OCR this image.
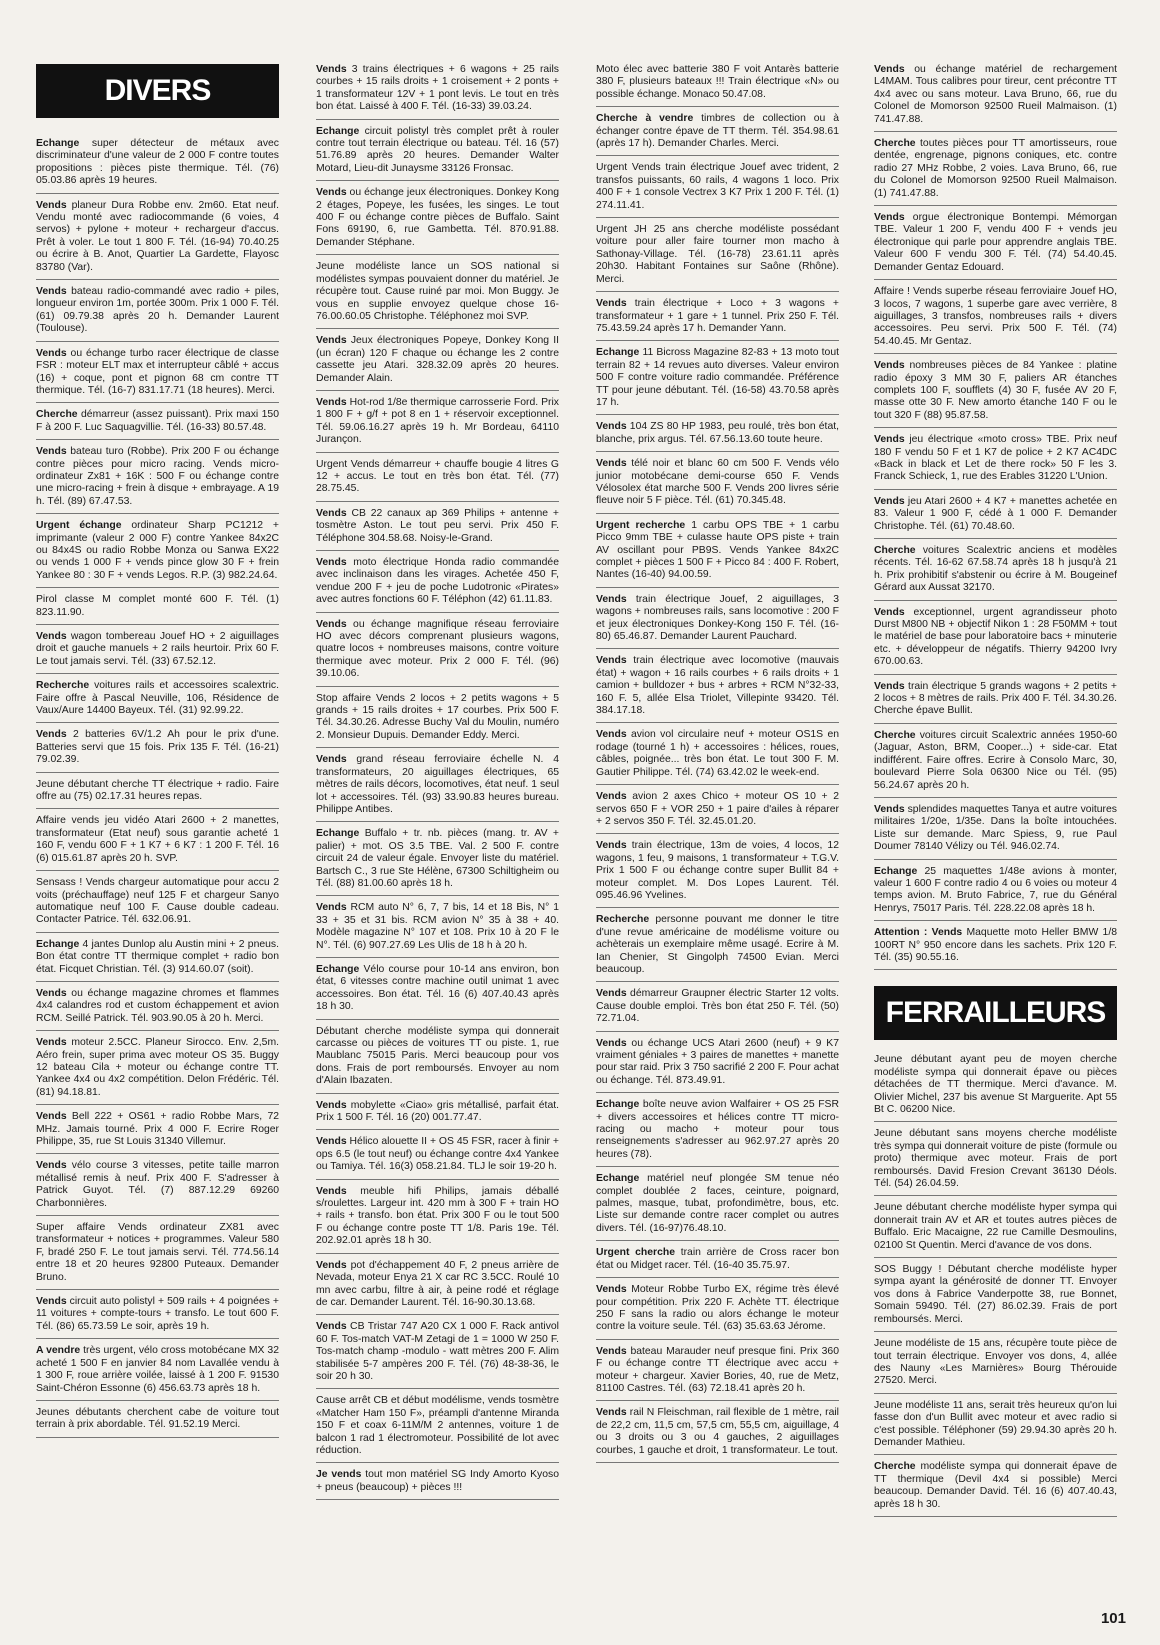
DIVERS
Echange super détecteur de métaux avec discriminateur d'une valeur de 2 000 F contre toutes propositions : pièces piste thermique. Tél. (76) 05.03.86 après 19 heures.
Vends planeur Dura Robbe env. 2m60. Etat neuf. Vendu monté avec radiocommande (6 voies, 4 servos) + pylone + moteur + rechargeur d'accus. Prêt à voler. Le tout 1 800 F. Tél. (16-94) 70.40.25 ou écrire à B. Anot, Quartier La Gardette, Flayosc 83780 (Var).
Vends bateau radio-commandé avec radio + piles, longueur environ 1m, portée 300m. Prix 1 000 F. Tél. (61) 09.79.38 après 20 h. Demander Laurent (Toulouse).
Vends ou échange turbo racer électrique de classe FSR : moteur ELT max et interrupteur câblé + accus (16) + coque, pont et pignon 68 cm contre TT thermique. Tél. (16-7) 831.17.71 (18 heures). Merci.
Cherche démarreur (assez puissant). Prix maxi 150 F à 200 F. Luc Saquagvillie. Tél. (16-33) 80.57.48.
Vends bateau turo (Robbe). Prix 200 F ou échange contre pièces pour micro racing. Vends micro-ordinateur Zx81 + 16K : 500 F ou échange contre une micro-racing + frein à disque + embrayage. A 19 h. Tél. (89) 67.47.53.
Urgent échange ordinateur Sharp PC1212 + imprimante (valeur 2 000 F) contre Yankee 84x2C ou 84x4S ou radio Robbe Monza ou Sanwa EX22 ou vends 1 000 F + vends pince glow 30 F + frein Yankee 80 : 30 F + vends Legos. R.P. (3) 982.24.64.
Pirol classe M complet monté 600 F. Tél. (1) 823.11.90.
Vends wagon tombereau Jouef HO + 2 aiguillages droit et gauche manuels + 2 rails heurtoir. Prix 60 F. Le tout jamais servi. Tél. (33) 67.52.12.
Recherche voitures rails et accessoires scalextric. Faire offre à Pascal Neuville, 106, Résidence de Vaux/Aure 14400 Bayeux. Tél. (31) 92.99.22.
Vends 2 batteries 6V/1.2 Ah pour le prix d'une. Batteries servi que 15 fois. Prix 135 F. Tél. (16-21) 79.02.39.
Jeune débutant cherche TT électrique + radio. Faire offre au (75) 02.17.31 heures repas.
Affaire vends jeu vidéo Atari 2600 + 2 manettes, transformateur (Etat neuf) sous garantie acheté 1 160 F, vendu 600 F + 1 K7 + 6 K7 : 1 200 F. Tél. 16 (6) 015.61.87 après 20 h. SVP.
Sensass ! Vends chargeur automatique pour accu 2 voits (préchauffage) neuf 125 F et chargeur Sanyo automatique neuf 100 F. Cause double cadeau. Contacter Patrice. Tél. 632.06.91.
Echange 4 jantes Dunlop alu Austin mini + 2 pneus. Bon état contre TT thermique complet + radio bon état. Ficquet Christian. Tél. (3) 914.60.07 (soit).
Vends ou échange magazine chromes et flammes 4x4 calandres rod et custom échappement et avion RCM. Seillé Patrick. Tél. 903.90.05 à 20 h. Merci.
Vends moteur 2.5CC. Planeur Sirocco. Env. 2,5m. Aéro frein, super prima avec moteur OS 35. Buggy 12 bateau Cila + moteur ou échange contre TT. Yankee 4x4 ou 4x2 compétition. Delon Frédéric. Tél. (81) 94.18.81.
Vends Bell 222 + OS61 + radio Robbe Mars, 72 MHz. Jamais tourné. Prix 4 000 F. Ecrire Roger Philippe, 35, rue St Louis 31340 Villemur.
Vends vélo course 3 vitesses, petite taille marron métallisé remis à neuf. Prix 400 F. S'adresser à Patrick Guyot. Tél. (7) 887.12.29 69260 Charbonnières.
Super affaire Vends ordinateur ZX81 avec transformateur + notices + programmes. Valeur 580 F, bradé 250 F. Le tout jamais servi. Tél. 774.56.14 entre 18 et 20 heures 92800 Puteaux. Demander Bruno.
Vends circuit auto polistyl + 509 rails + 4 poignées + 11 voitures + compte-tours + transfo. Le tout 600 F. Tél. (86) 65.73.59 Le soir, après 19 h.
A vendre très urgent, vélo cross motobécane MX 32 acheté 1 500 F en janvier 84 nom Lavallée vendu à 1 300 F, roue arrière voilée, laissé à 1 200 F. 91530 Saint-Chéron Essonne (6) 456.63.73 après 18 h.
Jeunes débutants cherchent cabe de voiture tout terrain à prix abordable. Tél. 91.52.19 Merci.
Vends 3 trains électriques + 6 wagons + 25 rails courbes + 15 rails droits + 1 croisement + 2 ponts + 1 transformateur 12V + 1 pont levis. Le tout en très bon état. Laissé à 400 F. Tél. (16-33) 39.03.24.
Echange circuit polistyl très complet prêt à rouler contre tout terrain électrique ou bateau. Tél. 16 (57) 51.76.89 après 20 heures. Demander Walter Motard, Lieu-dit Junaysme 33126 Fronsac.
Vends ou échange jeux électroniques. Donkey Kong 2 étages, Popeye, les fusées, les singes. Le tout 400 F ou échange contre pièces de Buffalo. Saint Fons 69190, 6, rue Gambetta. Tél. 870.91.88. Demander Stéphane.
Jeune modéliste lance un SOS national si modélistes sympas pouvaient donner du matériel. Je récupère tout. Cause ruiné par moi. Mon Buggy. Je vous en supplie envoyez quelque chose 16-76.00.60.05 Christophe. Téléphonez moi SVP.
Vends Jeux électroniques Popeye, Donkey Kong II (un écran) 120 F chaque ou échange les 2 contre cassette jeu Atari. 328.32.09 après 20 heures. Demander Alain.
Vends Hot-rod 1/8e thermique carrosserie Ford. Prix 1 800 F + g/f + pot 8 en 1 + réservoir exceptionnel. Tél. 59.06.16.27 après 19 h. Mr Bordeau, 64110 Jurançon.
Urgent Vends démarreur + chauffe bougie 4 litres G 12 + accus. Le tout en très bon état. Tél. (77) 28.75.45.
Vends CB 22 canaux ap 369 Philips + antenne + tosmètre Aston. Le tout peu servi. Prix 450 F. Téléphone 304.58.68. Noisy-le-Grand.
Vends moto électrique Honda radio commandée avec inclinaison dans les virages. Achetée 450 F, vendue 200 F + jeu de poche Ludotronic «Pirates» avec autres fonctions 60 F. Téléphon (42) 61.11.83.
Vends ou échange magnifique réseau ferroviaire HO avec décors comprenant plusieurs wagons, quatre locos + nombreuses maisons, contre voiture thermique avec moteur. Prix 2 000 F. Tél. (96) 39.10.06.
Stop affaire Vends 2 locos + 2 petits wagons + 5 grands + 15 rails droites + 17 courbes. Prix 500 F. Tél. 34.30.26. Adresse Buchy Val du Moulin, numéro 2. Monsieur Dupuis. Demander Eddy. Merci.
Vends grand réseau ferroviaire échelle N. 4 transformateurs, 20 aiguillages électriques, 65 mètres de rails décors, locomotives, état neuf. 1 seul lot + accessoires. Tél. (93) 33.90.83 heures bureau. Philippe Antibes.
Echange Buffalo + tr. nb. pièces (mang. tr. AV + palier) + mot. OS 3.5 TBE. Val. 2 500 F. contre circuit 24 de valeur égale. Envoyer liste du matériel. Bartsch C., 3 rue Ste Hélène, 67300 Schiltigheim ou Tél. (88) 81.00.60 après 18 h.
Vends RCM auto N° 6, 7, 7 bis, 14 et 18 Bis, N° 1 33 + 35 et 31 bis. RCM avion N° 35 à 38 + 40. Modèle magazine N° 107 et 108. Prix 10 à 20 F le N°. Tél. (6) 907.27.69 Les Ulis de 18 h à 20 h.
Echange Vélo course pour 10-14 ans environ, bon état, 6 vitesses contre machine outil unimat 1 avec accessoires. Bon état. Tél. 16 (6) 407.40.43 après 18 h 30.
Débutant cherche modéliste sympa qui donnerait carcasse ou pièces de voitures TT ou piste. 1, rue Maublanc 75015 Paris. Merci beaucoup pour vos dons. Frais de port remboursés. Envoyer au nom d'Alain Ibazaten.
Vends mobylette «Ciao» gris métallisé, parfait état. Prix 1 500 F. Tél. 16 (20) 001.77.47.
Vends Hélico alouette II + OS 45 FSR, racer à finir + ops 6.5 (le tout neuf) ou échange contre 4x4 Yankee ou Tamiya. Tél. 16(3) 058.21.84. TLJ le soir 19-20 h.
Vends meuble hifi Philips, jamais déballé s/roulettes. Largeur int. 420 mm à 300 F + train HO + rails + transfo. bon état. Prix 300 F ou le tout 500 F ou échange contre poste TT 1/8. Paris 19e. Tél. 202.92.01 après 18 h 30.
Vends pot d'échappement 40 F, 2 pneus arrière de Nevada, moteur Enya 21 X car RC 3.5CC. Roulé 10 mn avec carbu, filtre à air, à peine rodé et réglage de car. Demander Laurent. Tél. 16-90.30.13.68.
Vends CB Tristar 747 A20 CX 1 000 F. Rack antivol 60 F. Tos-match VAT-M Zetagi de 1 = 1000 W 250 F. Tos-match champ -modulo - watt mètres 200 F. Alim stabilisée 5-7 ampères 200 F. Tél. (76) 48-38-36, le soir 20 h 30.
Cause arrêt CB et début modélisme, vends tosmètre «Matcher Ham 150 F», préampli d'antenne Miranda 150 F et coax 6-11M/M 2 antennes, voiture 1 de balcon 1 rad 1 électromoteur. Possibilité de lot avec réduction.
Je vends tout mon matériel SG Indy Amorto Kyoso + pneus (beaucoup) + pièces !!!
Moto élec avec batterie 380 F voit Antarès batterie 380 F, plusieurs bateaux !!! Train électrique «N» ou possible échange. Monaco 50.47.08.
Cherche à vendre timbres de collection ou à échanger contre épave de TT therm. Tél. 354.98.61 (après 17 h). Demander Charles. Merci.
Urgent Vends train électrique Jouef avec trident, 2 transfos puissants, 60 rails, 4 wagons 1 loco. Prix 400 F + 1 console Vectrex 3 K7 Prix 1 200 F. Tél. (1) 274.11.41.
Urgent JH 25 ans cherche modéliste possédant voiture pour aller faire tourner mon macho à Sathonay-Village. Tél. (16-78) 23.61.11 après 20h30. Habitant Fontaines sur Saône (Rhône). Merci.
Vends train électrique + Loco + 3 wagons + transformateur + 1 gare + 1 tunnel. Prix 250 F. Tél. 75.43.59.24 après 17 h. Demander Yann.
Echange 11 Bicross Magazine 82-83 + 13 moto tout terrain 82 + 14 revues auto diverses. Valeur environ 500 F contre voiture radio commandée. Préférence TT pour jeune débutant. Tél. (16-58) 43.70.58 après 17 h.
Vends 104 ZS 80 HP 1983, peu roulé, très bon état, blanche, prix argus. Tél. 67.56.13.60 toute heure.
Vends télé noir et blanc 60 cm 500 F. Vends vélo junior motobécane demi-course 650 F. Vends Vélosolex état marche 500 F. Vends 200 livres série fleuve noir 5 F pièce. Tél. (61) 70.345.48.
Urgent recherche 1 carbu OPS TBE + 1 carbu Picco 9mm TBE + culasse haute OPS piste + train AV oscillant pour PB9S. Vends Yankee 84x2C complet + pièces 1 500 F + Picco 84 : 400 F. Robert, Nantes (16-40) 94.00.59.
Vends train électrique Jouef, 2 aiguillages, 3 wagons + nombreuses rails, sans locomotive : 200 F et jeux électroniques Donkey-Kong 150 F. Tél. (16-80) 65.46.87. Demander Laurent Pauchard.
Vends train électrique avec locomotive (mauvais état) + wagon + 16 rails courbes + 6 rails droits + 1 camion + bulldozer + bus + arbres + RCM N°32-33, 160 F. 5, allée Elsa Triolet, Villepinte 93420. Tél. 384.17.18.
Vends avion vol circulaire neuf + moteur OS1S en rodage (tourné 1 h) + accessoires : hélices, roues, câbles, poignée... très bon état. Le tout 300 F. M. Gautier Philippe. Tél. (74) 63.42.02 le week-end.
Vends avion 2 axes Chico + moteur OS 10 + 2 servos 650 F + VOR 250 + 1 paire d'ailes à réparer + 2 servos 350 F. Tél. 32.45.01.20.
Vends train électrique, 13m de voies, 4 locos, 12 wagons, 1 feu, 9 maisons, 1 transformateur + T.G.V. Prix 1 500 F ou échange contre super Bullit 84 + moteur complet. M. Dos Lopes Laurent. Tél. 095.46.96 Yvelines.
Recherche personne pouvant me donner le titre d'une revue américaine de modélisme voiture ou achèterais un exemplaire même usagé. Ecrire à M. Ian Chenier, St Gingolph 74500 Evian. Merci beaucoup.
Vends démarreur Graupner électric Starter 12 volts. Cause double emploi. Très bon état 250 F. Tél. (50) 72.71.04.
Vends ou échange UCS Atari 2600 (neuf) + 9 K7 vraiment géniales + 3 paires de manettes + manette pour star raid. Prix 3 750 sacrifié 2 200 F. Pour achat ou échange. Tél. 873.49.91.
Echange boîte neuve avion Walfairer + OS 25 FSR + divers accessoires et hélices contre TT micro-racing ou macho + moteur pour tous renseignements s'adresser au 962.97.27 après 20 heures (78).
Echange matériel neuf plongée SM tenue néo complet doublée 2 faces, ceinture, poignard, palmes, masque, tubat, profondimètre, bous, etc. Liste sur demande contre racer complet ou autres divers. Tél. (16-97)76.48.10.
Urgent cherche train arrière de Cross racer bon état ou Midget racer. Tél. (16-40 35.75.97.
Vends Moteur Robbe Turbo EX, régime très élevé pour compétition. Prix 220 F. Achète TT. électrique 250 F sans la radio ou alors échange le moteur contre la voiture seule. Tél. (63) 35.63.63 Jérome.
Vends bateau Marauder neuf presque fini. Prix 360 F ou échange contre TT électrique avec accu + moteur + chargeur. Xavier Bories, 40, rue de Metz, 81100 Castres. Tél. (63) 72.18.41 après 20 h.
Vends rail N Fleischman, rail flexible de 1 mètre, rail de 22,2 cm, 11,5 cm, 57,5 cm, 55,5 cm, aiguillage, 4 ou 3 droits ou 3 ou 4 gauches, 2 aiguillages courbes, 1 gauche et droit, 1 transformateur. Le tout.
Vends ou échange matériel de rechargement L4MAM. Tous calibres pour tireur, cent précontre TT 4x4 avec ou sans moteur. Lava Bruno, 66, rue du Colonel de Momorson 92500 Rueil Malmaison. (1) 741.47.88.
Cherche toutes pièces pour TT amortisseurs, roue dentée, engrenage, pignons coniques, etc. contre radio 27 MHz Robbe, 2 voies. Lava Bruno, 66, rue du Colonel de Momorson 92500 Rueil Malmaison. (1) 741.47.88.
Vends orgue électronique Bontempi. Mémorgan TBE. Valeur 1 200 F, vendu 400 F + vends jeu électronique qui parle pour apprendre anglais TBE. Valeur 600 F vendu 300 F. Tél. (74) 54.40.45. Demander Gentaz Edouard.
Affaire ! Vends superbe réseau ferroviaire Jouef HO, 3 locos, 7 wagons, 1 superbe gare avec verrière, 8 aiguillages, 3 transfos, nombreuses rails + divers accessoires. Peu servi. Prix 500 F. Tél. (74) 54.40.45. Mr Gentaz.
Vends nombreuses pièces de 84 Yankee : platine radio époxy 3 MM 30 F, paliers AR étanches complets 100 F, soufflets (4) 30 F, fusée AV 20 F, masse otte 30 F. New amorto étanche 140 F ou le tout 320 F (88) 95.87.58.
Vends jeu électrique «moto cross» TBE. Prix neuf 180 F vendu 50 F et 1 K7 de police + 2 K7 AC4DC «Back in black et Let de there rock» 50 F les 3. Franck Schieck, 1, rue des Erables 31220 L'Union.
Vends jeu Atari 2600 + 4 K7 + manettes achetée en 83. Valeur 1 900 F, cédé à 1 000 F. Demander Christophe. Tél. (61) 70.48.60.
Cherche voitures Scalextric anciens et modèles récents. Tél. 16-62 67.58.74 après 18 h jusqu'à 21 h. Prix prohibitif s'abstenir ou écrire à M. Bougeinef Gérard aux Aussat 32170.
Vends exceptionnel, urgent agrandisseur photo Durst M800 NB + objectif Nikon 1 : 28 F50MM + tout le matériel de base pour laboratoire bacs + minuterie etc. + développeur de négatifs. Thierry 94200 Ivry 670.00.63.
Vends train électrique 5 grands wagons + 2 petits + 2 locos + 8 mètres de rails. Prix 400 F. Tél. 34.30.26. Cherche épave Bullit.
Cherche voitures circuit Scalextric années 1950-60 (Jaguar, Aston, BRM, Cooper...) + side-car. Etat indifférent. Faire offres. Ecrire à Consolo Marc, 30, boulevard Pierre Sola 06300 Nice ou Tél. (95) 56.24.67 après 20 h.
Vends splendides maquettes Tanya et autre voitures militaires 1/20e, 1/35e. Dans la boîte intouchées. Liste sur demande. Marc Spiess, 9, rue Paul Doumer 78140 Vélizy ou Tél. 946.02.74.
Echange 25 maquettes 1/48e avions à monter, valeur 1 600 F contre radio 4 ou 6 voies ou moteur 4 temps avion. M. Bruto Fabrice, 7, rue du Général Henrys, 75017 Paris. Tél. 228.22.08 après 18 h.
Attention : Vends Maquette moto Heller BMW 1/8 100RT N° 950 encore dans les sachets. Prix 120 F. Tél. (35) 90.55.16.
FERRAILLEURS
Jeune débutant ayant peu de moyen cherche modéliste sympa qui donnerait épave ou pièces détachées de TT thermique. Merci d'avance. M. Olivier Michel, 237 bis avenue St Marguerite. Apt 55 Bt C. 06200 Nice.
Jeune débutant sans moyens cherche modéliste très sympa qui donnerait voiture de piste (formule ou proto) thermique avec moteur. Frais de port remboursés. David Fresion Crevant 36130 Déols. Tél. (54) 26.04.59.
Jeune débutant cherche modéliste hyper sympa qui donnerait train AV et AR et toutes autres pièces de Buffalo. Eric Macaigne, 22 rue Camille Desmoulins, 02100 St Quentin. Merci d'avance de vos dons.
SOS Buggy ! Débutant cherche modéliste hyper sympa ayant la générosité de donner TT. Envoyer vos dons à Fabrice Vanderpotte 38, rue Bonnet, Somain 59490. Tél. (27) 86.02.39. Frais de port remboursés. Merci.
Jeune modéliste de 15 ans, récupère toute pièce de tout terrain électrique. Envoyer vos dons, 4, allée des Nauny «Les Marnières» Bourg Thérouide 27520. Merci.
Jeune modéliste 11 ans, serait très heureux qu'on lui fasse don d'un Bullit avec moteur et avec radio si c'est possible. Téléphoner (59) 29.94.30 après 20 h. Demander Mathieu.
Cherche modéliste sympa qui donnerait épave de TT thermique (Devil 4x4 si possible) Merci beaucoup. Demander David. Tél. 16 (6) 407.40.43, après 18 h 30.
101
